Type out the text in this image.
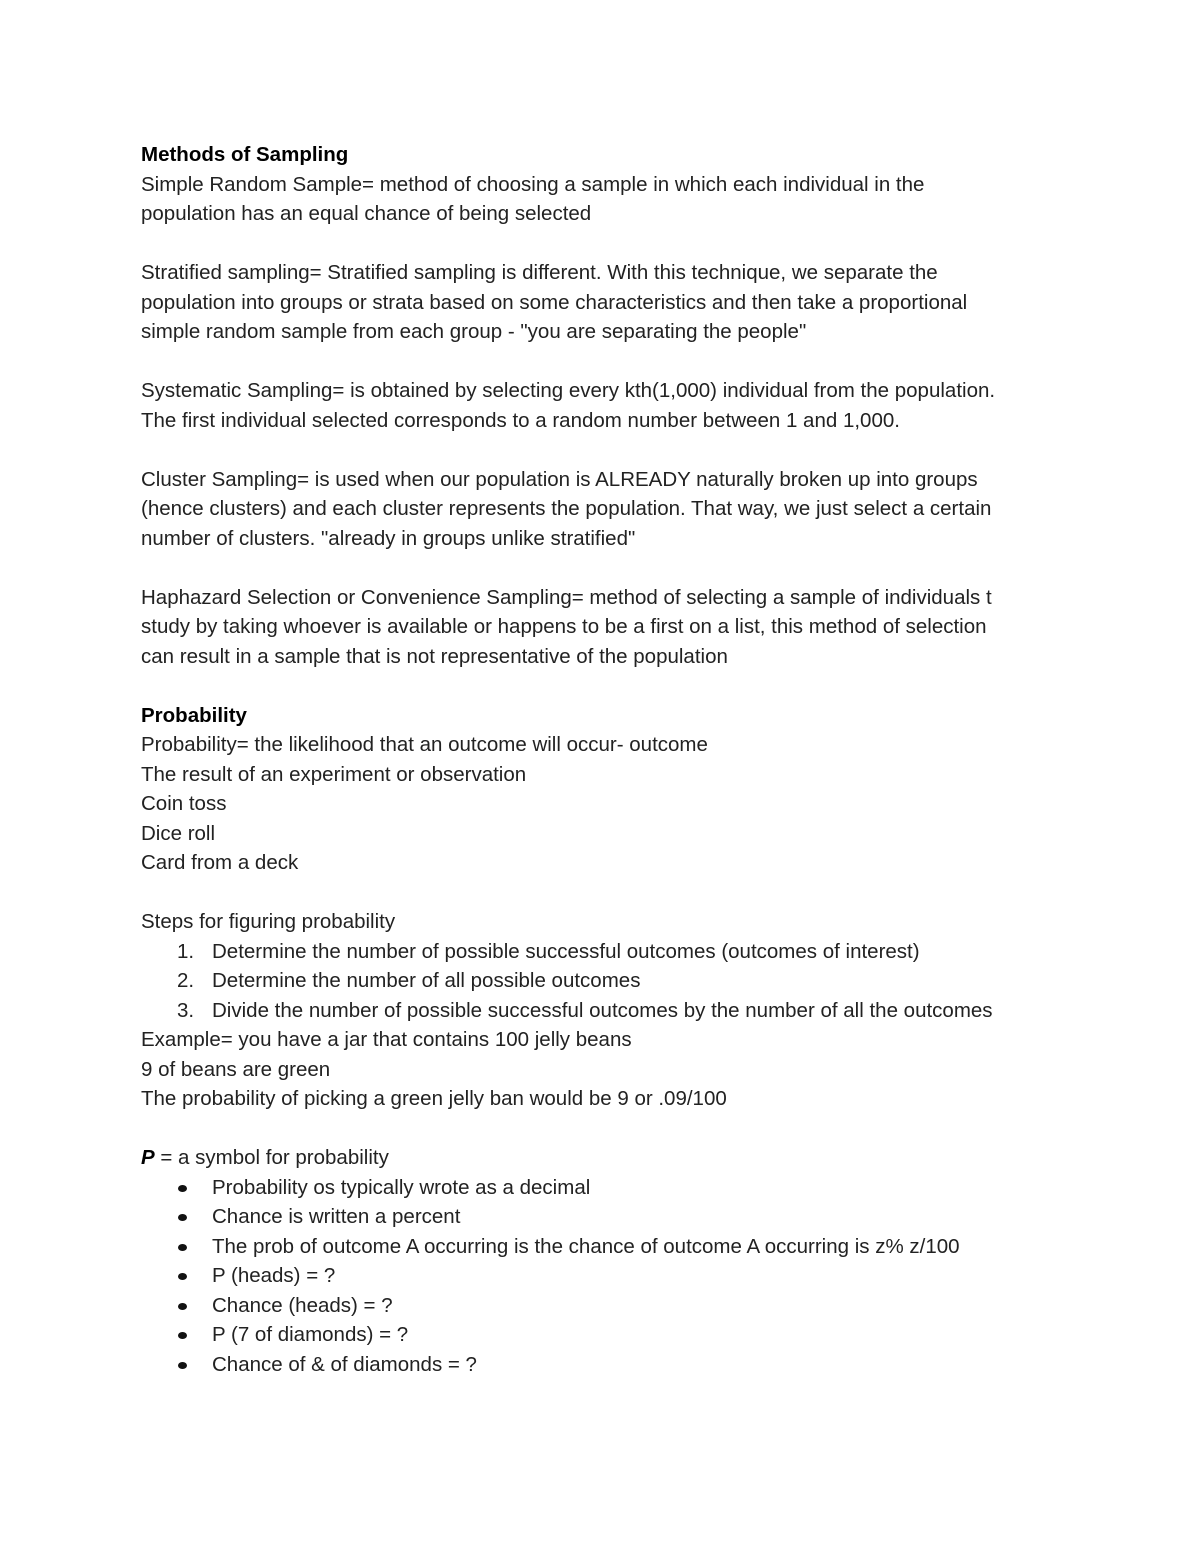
Methods of Sampling
Simple Random Sample= method of choosing a sample in which each individual in the
population has an equal chance of being selected
Stratified sampling= Stratified sampling is different. With this technique, we separate the
population into groups or strata based on some characteristics and then take a proportional
simple random sample from each group - "you are separating the people"
Systematic Sampling= is obtained by selecting every kth(1,000) individual from the population.
The first individual selected corresponds to a random number between 1 and 1,000.
Cluster Sampling= is used when our population is ALREADY naturally broken up into groups
(hence clusters) and each cluster represents the population. That way, we just select a certain
number of clusters. "already in groups unlike stratified"
Haphazard Selection or Convenience Sampling= method of selecting a sample of individuals t
study by taking whoever is available or happens to be a first on a list, this method of selection
can result in a sample that is not representative of the population
Probability
Probability= the likelihood that an outcome will occur- outcome
The result of an experiment or observation
Coin toss
Dice roll
Card from a deck
Steps for figuring probability
1. Determine the number of possible successful outcomes (outcomes of interest)
2. Determine the number of all possible outcomes
3. Divide the number of possible successful outcomes by the number of all the outcomes
Example= you have a jar that contains 100 jelly beans
9 of beans are green
The probability of picking a green jelly ban would be 9 or .09/100
P = a symbol for probability
Probability os typically wrote as a decimal
Chance is written a percent
The prob of outcome A occurring is the chance of outcome A occurring is z% z/100
P (heads) = ?
Chance (heads) = ?
P (7 of diamonds) = ?
Chance of & of diamonds = ?
